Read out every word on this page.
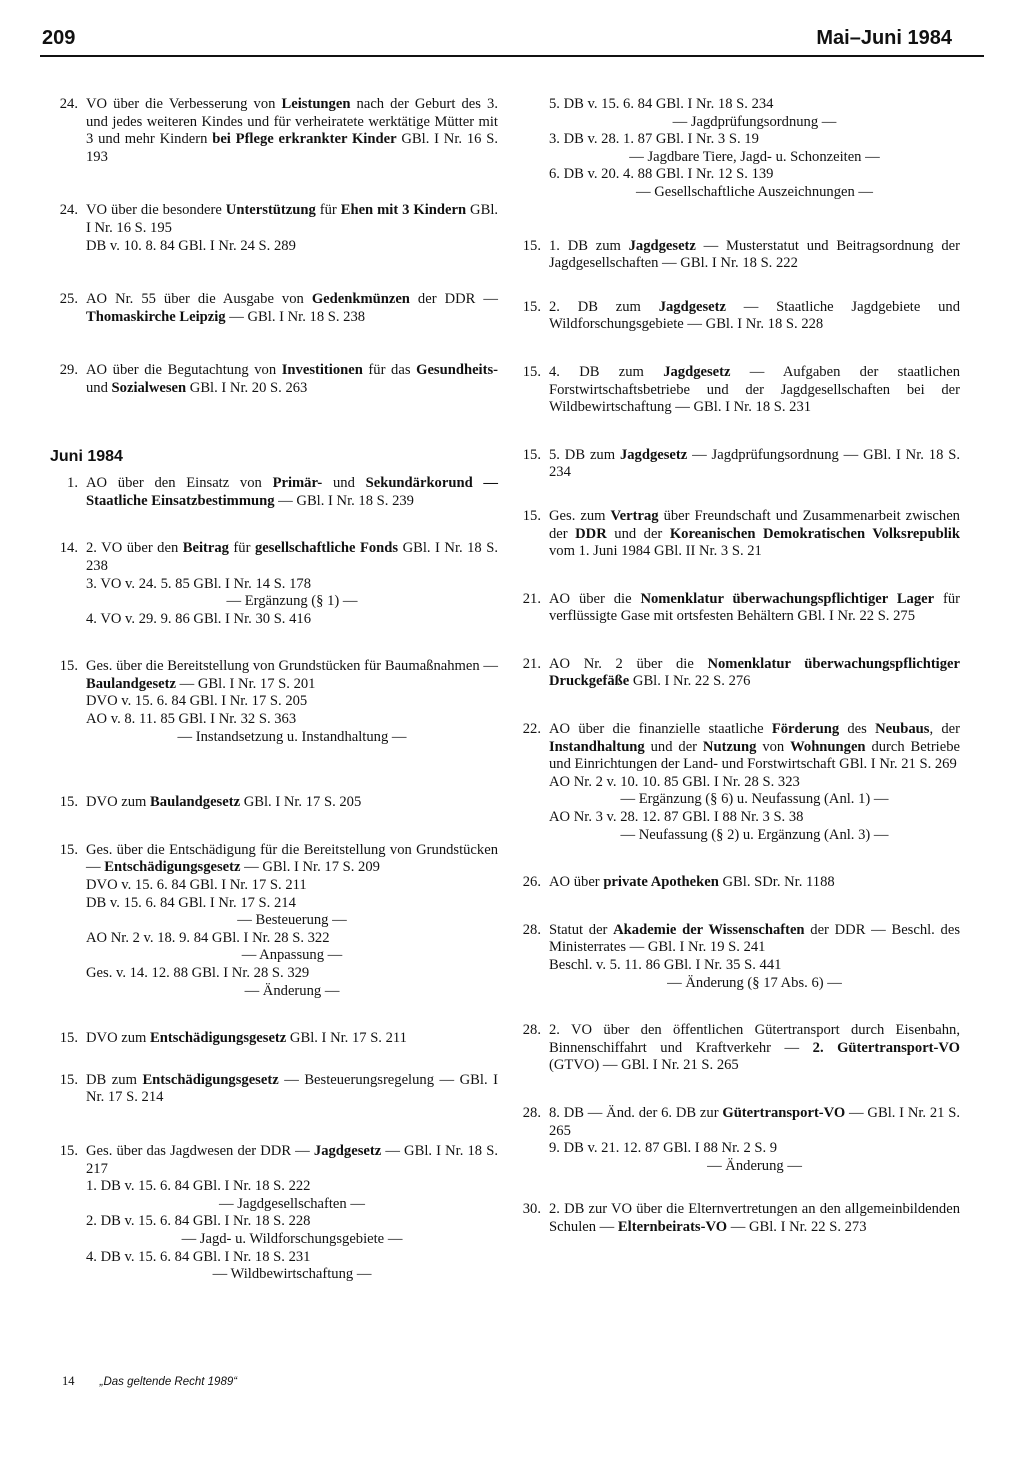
209	Mai–Juni 1984
24. VO über die Verbesserung von Leistungen nach der Geburt des 3. und jedes weiteren Kindes und für verheiratete werktätige Mütter mit 3 und mehr Kindern bei Pflege erkrankter Kinder GBl. I Nr. 16 S. 193
24. VO über die besondere Unterstützung für Ehen mit 3 Kindern GBl. I Nr. 16 S. 195
DB v. 10. 8. 84 GBl. I Nr. 24 S. 289
25. AO Nr. 55 über die Ausgabe von Gedenkmünzen der DDR — Thomaskirche Leipzig — GBl. I Nr. 18 S. 238
29. AO über die Begutachtung von Investitionen für das Gesundheits- und Sozialwesen GBl. I Nr. 20 S. 263
Juni 1984
1. AO über den Einsatz von Primär- und Sekundärkorund — Staatliche Einsatzbestimmung — GBl. I Nr. 18 S. 239
14. 2. VO über den Beitrag für gesellschaftliche Fonds GBl. I Nr. 18 S. 238
3. VO v. 24. 5. 85 GBl. I Nr. 14 S. 178
— Ergänzung (§ 1) —
4. VO v. 29. 9. 86 GBl. I Nr. 30 S. 416
15. Ges. über die Bereitstellung von Grundstücken für Baumaßnahmen — Baulandgesetz — GBl. I Nr. 17 S. 201
DVO v. 15. 6. 84 GBl. I Nr. 17 S. 205
AO v. 8. 11. 85 GBl. I Nr. 32 S. 363
— Instandsetzung u. Instandhaltung —
15. DVO zum Baulandgesetz GBl. I Nr. 17 S. 205
15. Ges. über die Entschädigung für die Bereitstellung von Grundstücken — Entschädigungsgesetz — GBl. I Nr. 17 S. 209
DVO v. 15. 6. 84 GBl. I Nr. 17 S. 211
DB v. 15. 6. 84 GBl. I Nr. 17 S. 214
— Besteuerung —
AO Nr. 2 v. 18. 9. 84 GBl. I Nr. 28 S. 322
— Anpassung —
Ges. v. 14. 12. 88 GBl. I Nr. 28 S. 329
— Änderung —
15. DVO zum Entschädigungsgesetz GBl. I Nr. 17 S. 211
15. DB zum Entschädigungsgesetz — Besteuerungsregelung — GBl. I Nr. 17 S. 214
15. Ges. über das Jagdwesen der DDR — Jagdgesetz — GBl. I Nr. 18 S. 217
1. DB v. 15. 6. 84 GBl. I Nr. 18 S. 222
— Jagdgesellschaften —
2. DB v. 15. 6. 84 GBl. I Nr. 18 S. 228
— Jagd- u. Wildforschungsgebiete —
4. DB v. 15. 6. 84 GBl. I Nr. 18 S. 231
— Wildbewirtschaftung —
5. DB v. 15. 6. 84 GBl. I Nr. 18 S. 234
— Jagdprüfungsordnung —
3. DB v. 28. 1. 87 GBl. I Nr. 3 S. 19
— Jagdbare Tiere, Jagd- u. Schonzeiten —
6. DB v. 20. 4. 88 GBl. I Nr. 12 S. 139
— Gesellschaftliche Auszeichnungen —
15. 1. DB zum Jagdgesetz — Musterstatut und Beitragsordnung der Jagdgesellschaften — GBl. I Nr. 18 S. 222
15. 2. DB zum Jagdgesetz — Staatliche Jagdgebiete und Wildforschungsgebiete — GBl. I Nr. 18 S. 228
15. 4. DB zum Jagdgesetz — Aufgaben der staatlichen Forstwirtschaftsbetriebe und der Jagdgesellschaften bei der Wildbewirtschaftung — GBl. I Nr. 18 S. 231
15. 5. DB zum Jagdgesetz — Jagdprüfungsordnung — GBl. I Nr. 18 S. 234
15. Ges. zum Vertrag über Freundschaft und Zusammenarbeit zwischen der DDR und der Koreanischen Demokratischen Volksrepublik vom 1. Juni 1984 GBl. II Nr. 3 S. 21
21. AO über die Nomenklatur überwachungspflichtiger Lager für verflüssigte Gase mit ortsfesten Behältern GBl. I Nr. 22 S. 275
21. AO Nr. 2 über die Nomenklatur überwachungspflichtiger Druckgefäße GBl. I Nr. 22 S. 276
22. AO über die finanzielle staatliche Förderung des Neubaus, der Instandhaltung und der Nutzung von Wohnungen durch Betriebe und Einrichtungen der Land- und Forstwirtschaft GBl. I Nr. 21 S. 269
AO Nr. 2 v. 10. 10. 85 GBl. I Nr. 28 S. 323
— Ergänzung (§ 6) u. Neufassung (Anl. 1) —
AO Nr. 3 v. 28. 12. 87 GBl. I 88 Nr. 3 S. 38
— Neufassung (§ 2) u. Ergänzung (Anl. 3) —
26. AO über private Apotheken GBl. SDr. Nr. 1188
28. Statut der Akademie der Wissenschaften der DDR — Beschl. des Ministerrates — GBl. I Nr. 19 S. 241
Beschl. v. 5. 11. 86 GBl. I Nr. 35 S. 441
— Änderung (§ 17 Abs. 6) —
28. 2. VO über den öffentlichen Gütertransport durch Eisenbahn, Binnenschiffahrt und Kraftverkehr — 2. Gütertransport-VO (GTVO) — GBl. I Nr. 21 S. 265
28. 8. DB — Änd. der 6. DB zur Gütertransport-VO — GBl. I Nr. 21 S. 265
9. DB v. 21. 12. 87 GBl. I 88 Nr. 2 S. 9
— Änderung —
30. 2. DB zur VO über die Elternvertretungen an den allgemeinbildenden Schulen — Elternbeirats-VO — GBl. I Nr. 22 S. 273
14 „Das geltende Recht 1989“
